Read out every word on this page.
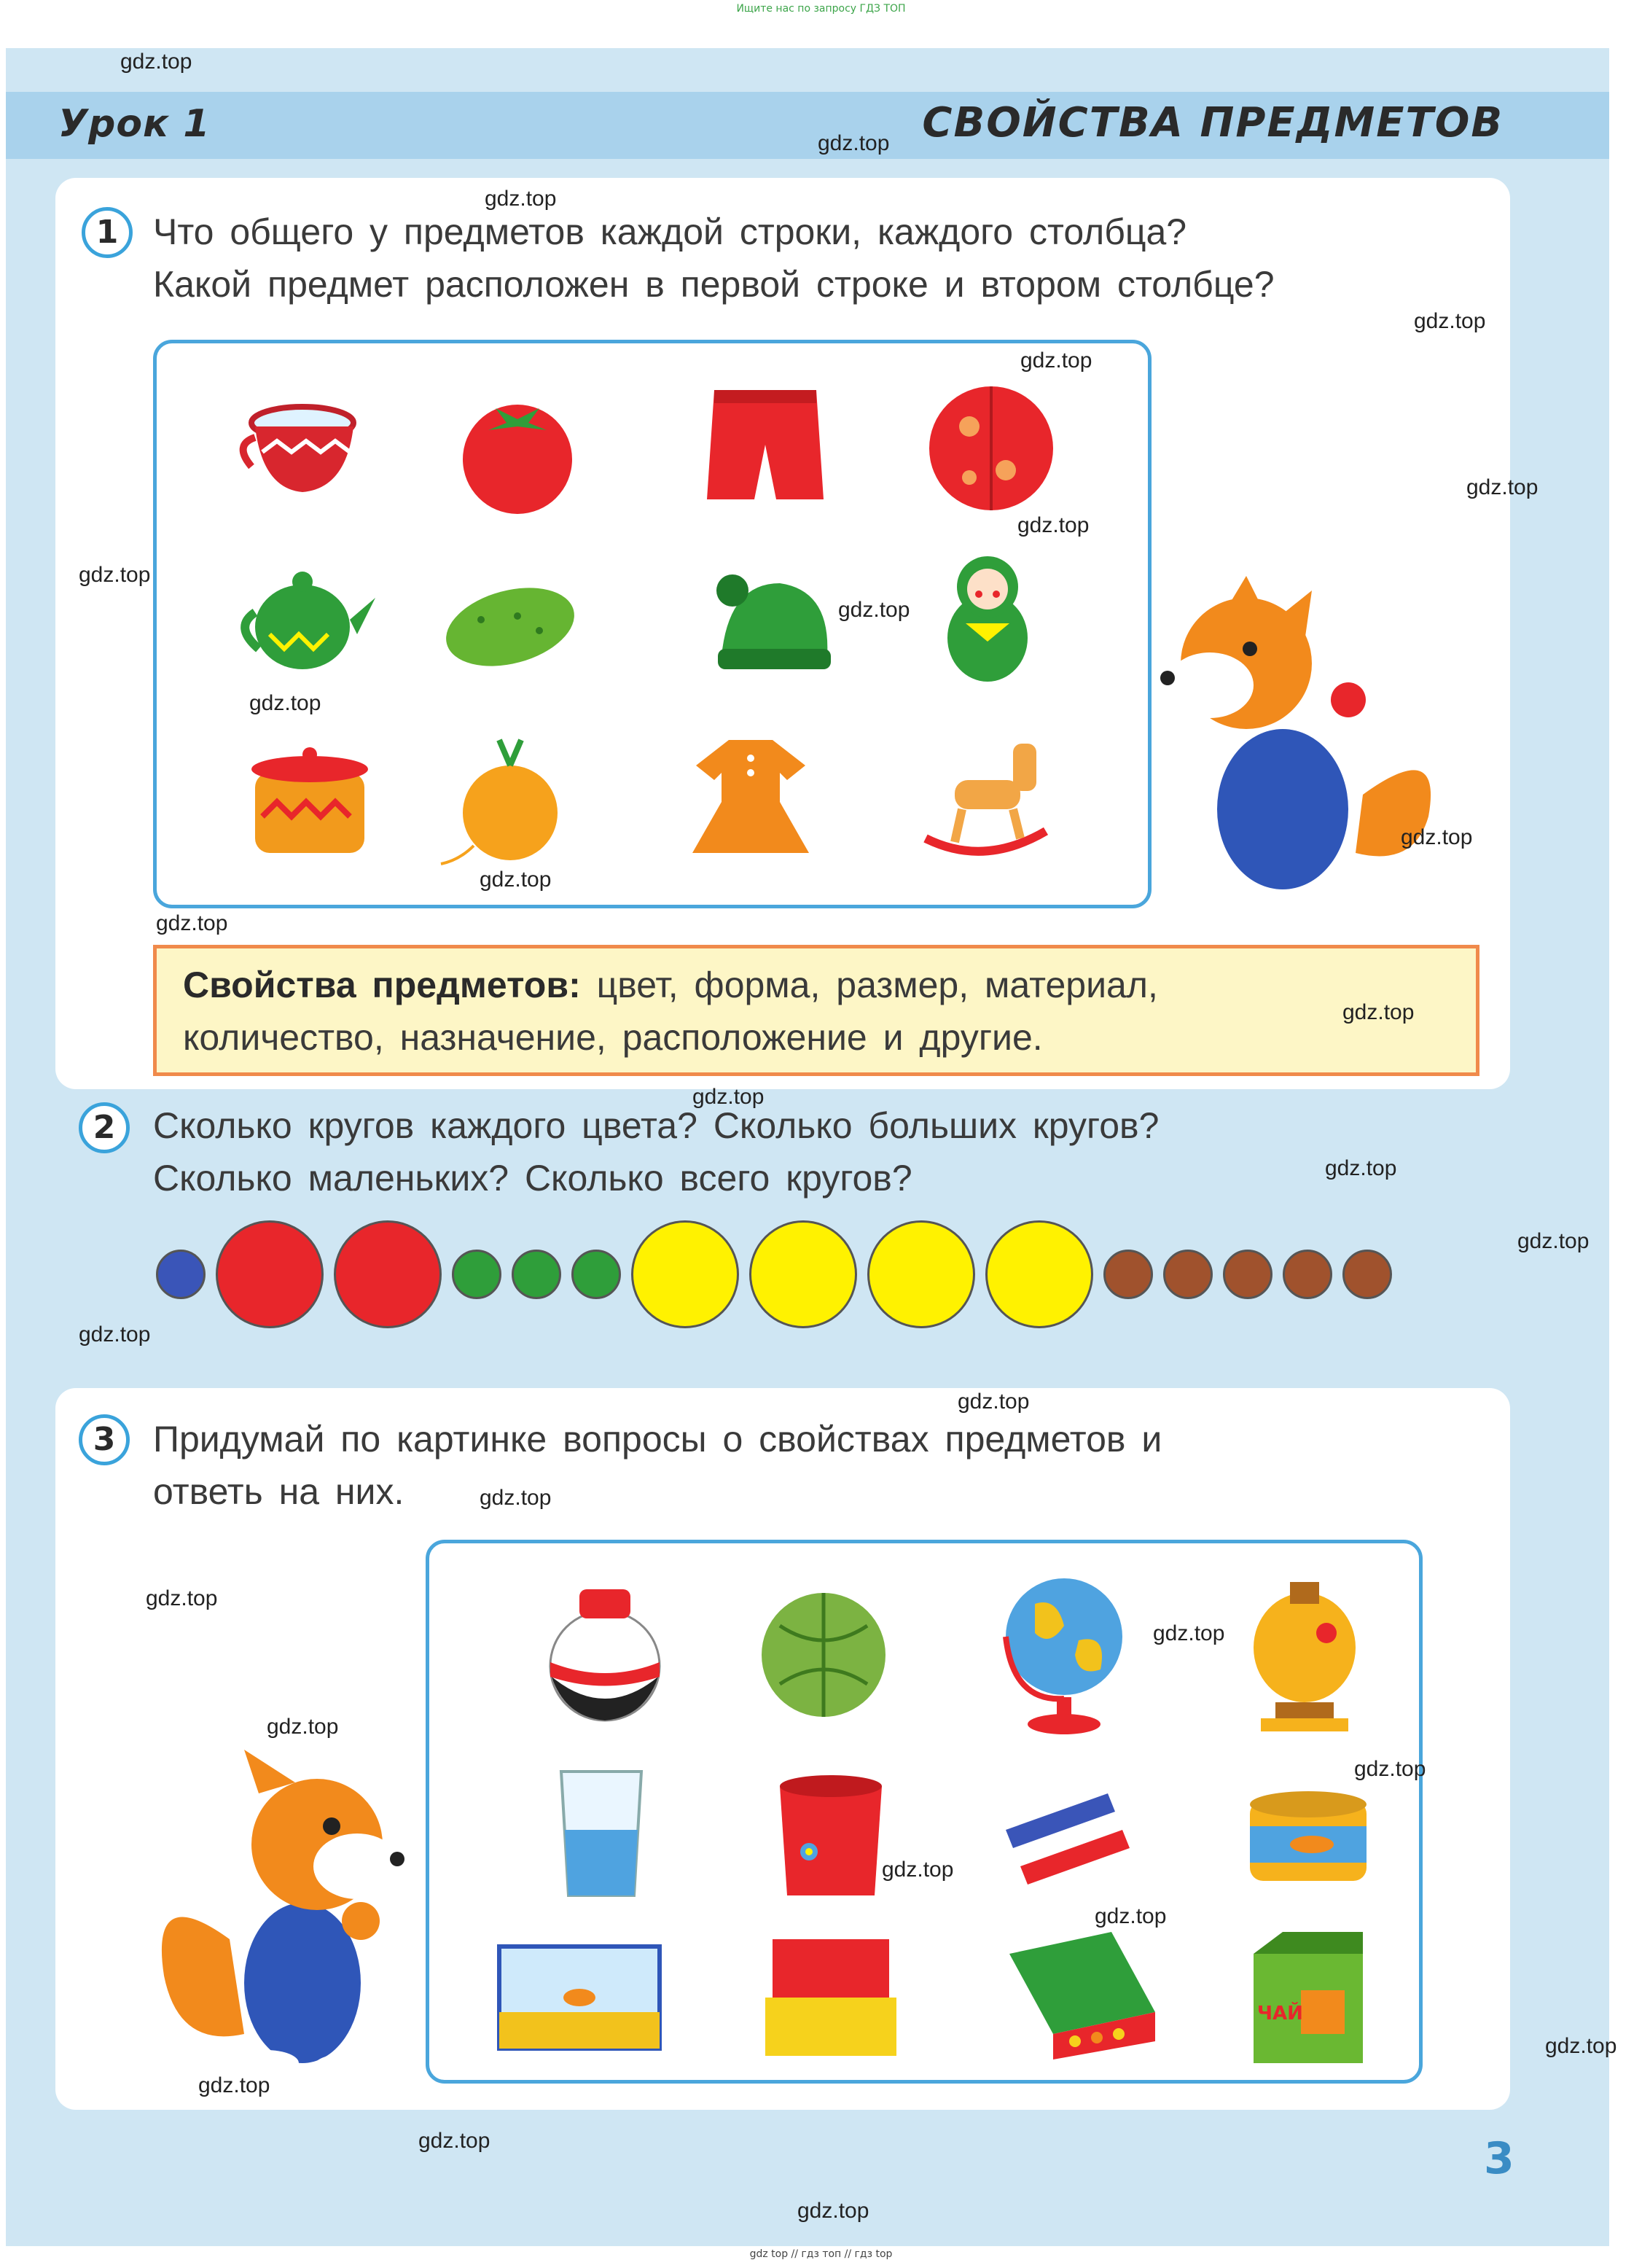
Ищите нас по запросу ГДЗ ТОП
Урок 1	СВОЙСТВА ПРЕДМЕТОВ
1 Что общего у предметов каждой строки, каждого столбца?
Какой предмет расположен в первой строке и втором столбце?
Свойства предметов: цвет, форма, размер, материал,
количество, назначение, расположение и другие.
2	Сколько кругов каждого цвета? Сколько больших кругов?
Сколько маленьких? Сколько всего кругов?
3	Придумай по картинке вопросы о свойствах предметов и
ответь на них.
ЧАЙ
gdz.top
gdz.top
gdz.top
gdz.top
gdz.top
gdz.top
gdz.top
gdz.top
gdz.top
gdz.top
gdz.top
gdz.top
gdz.top
gdz.top
gdz.top
gdz.top
gdz.top
gdz.top
gdz.top
gdz.top
gdz.top
gdz.top
gdz.top
gdz.top
gdz.top
gdz.top
gdz.top
gdz.top
gdz.top
gdz.top
3
gdz top // гдз топ // гдз top
